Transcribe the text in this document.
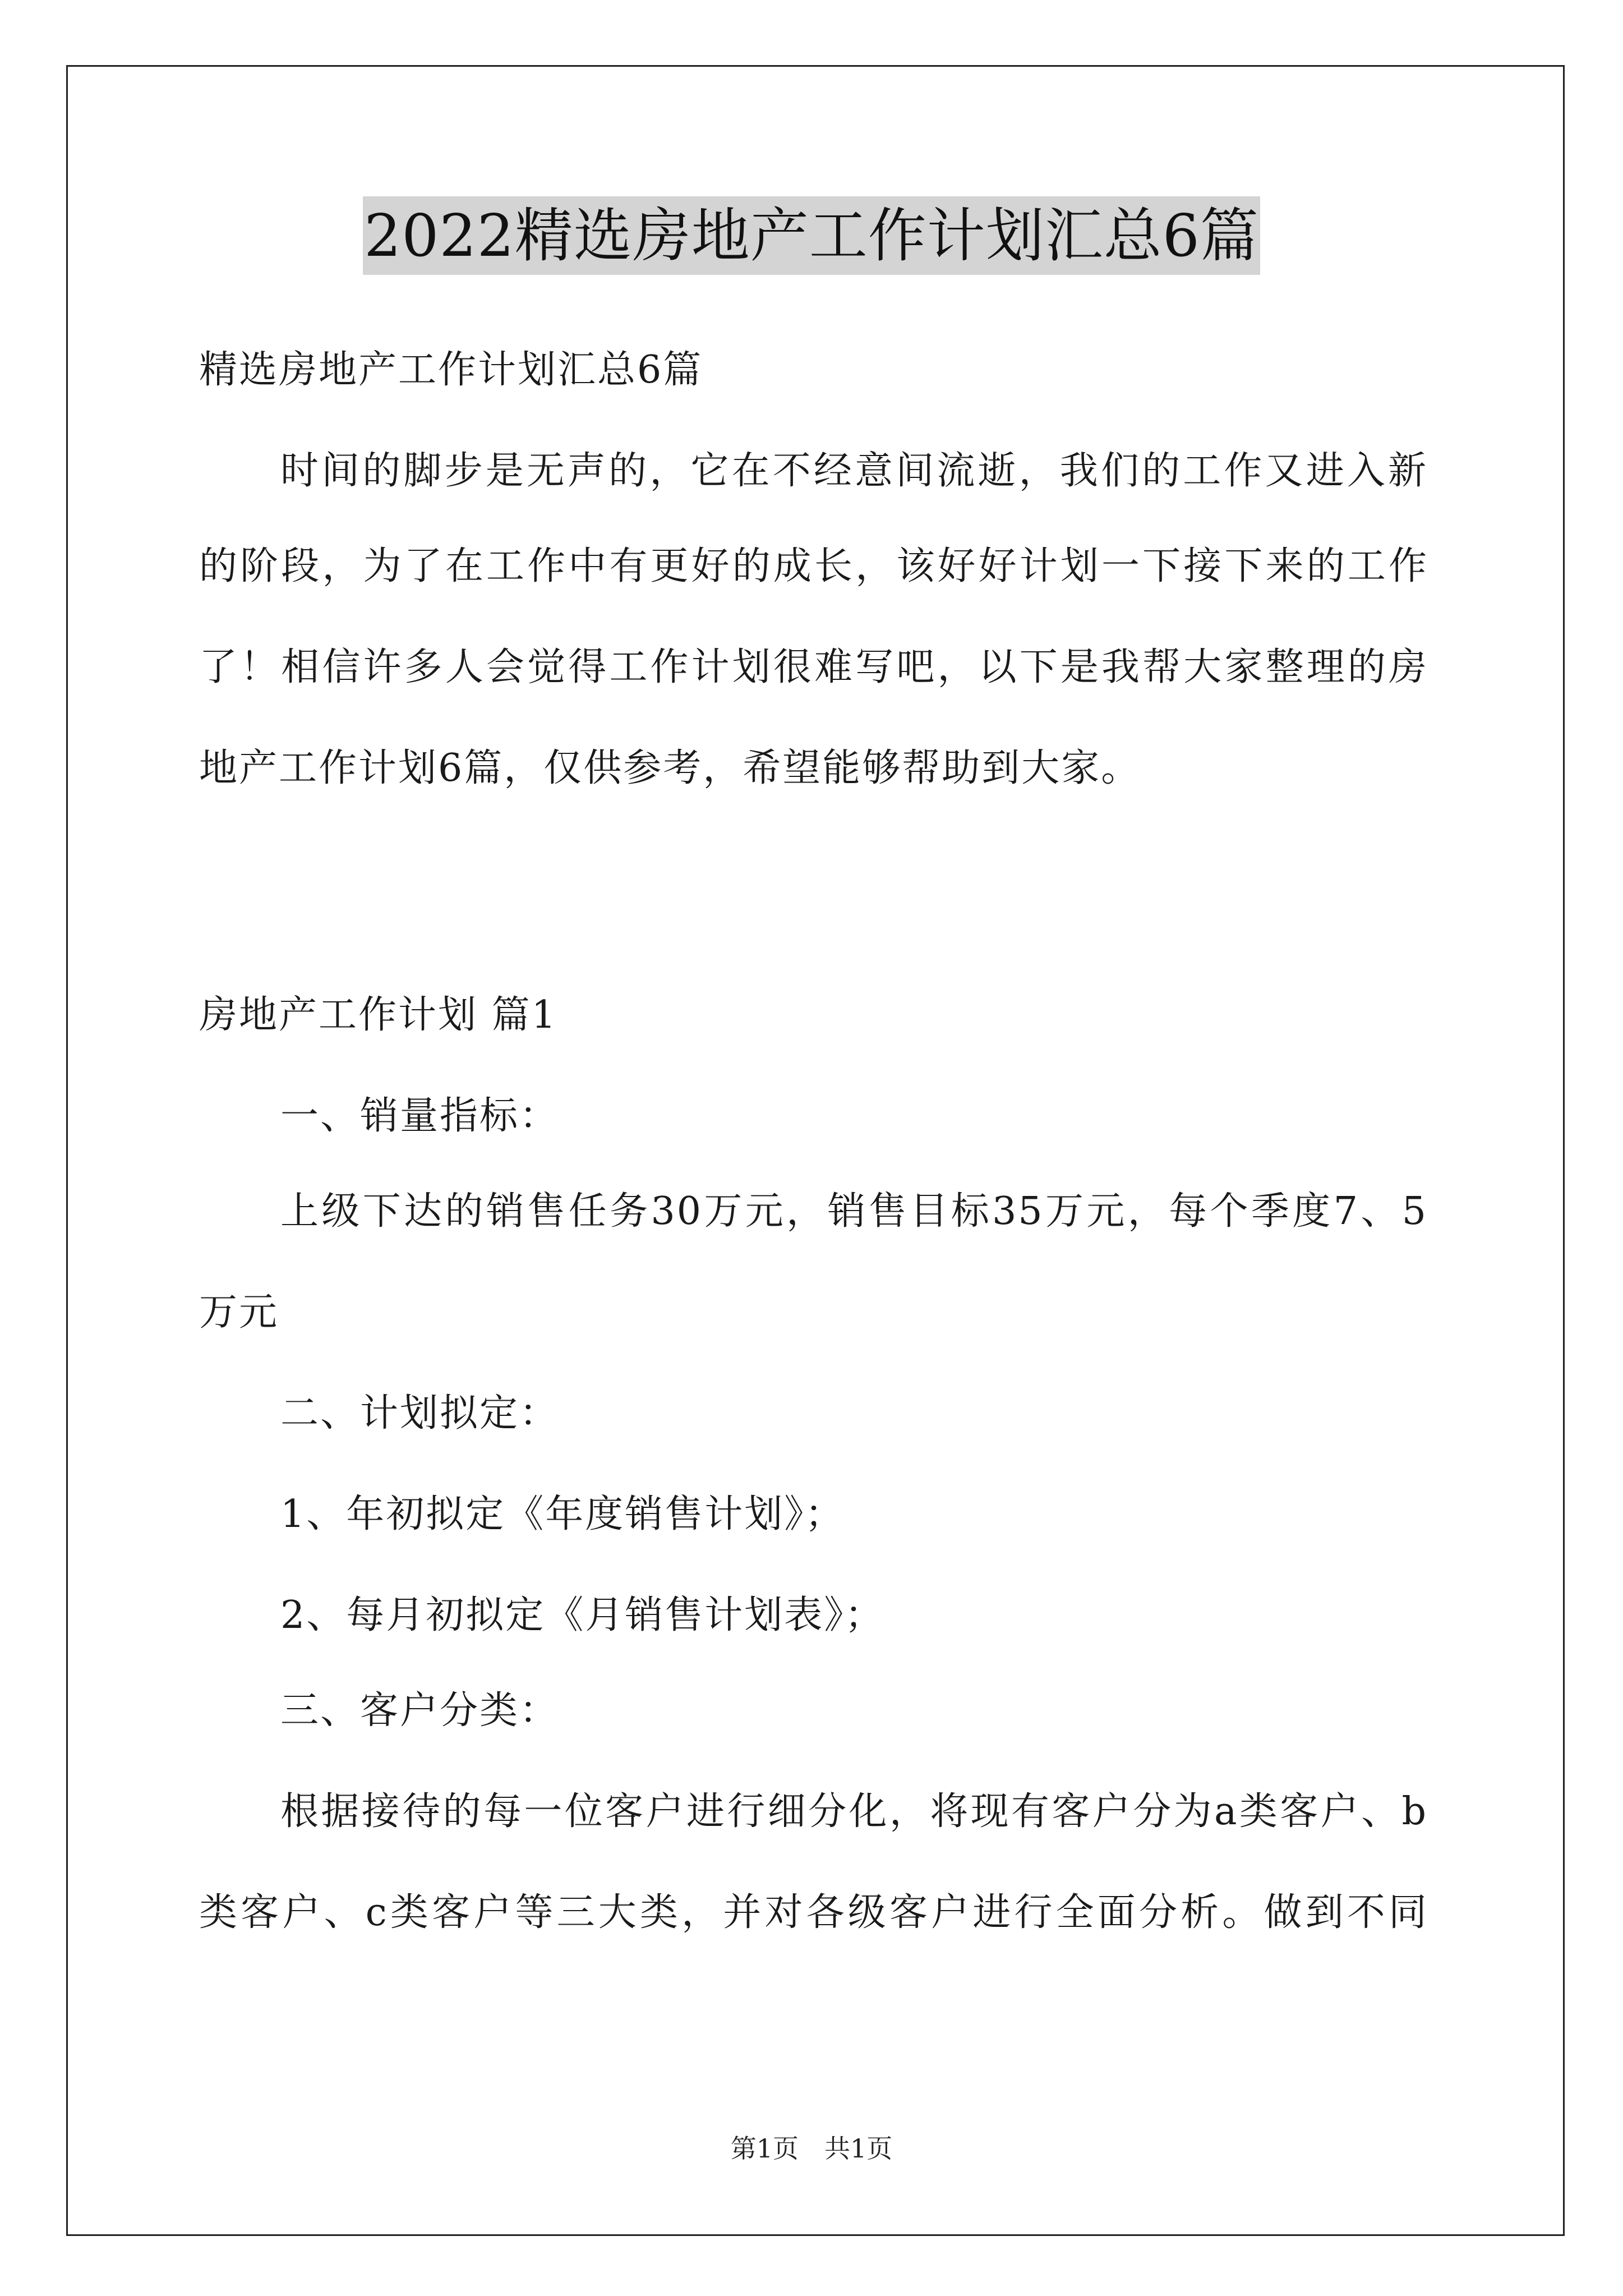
2022精选房地产工作计划汇总6篇
精选房地产工作计划汇总6篇
时间的脚步是无声的，它在不经意间流逝，我们的工作又进入新
的阶段，为了在工作中有更好的成长，该好好计划一下接下来的工作
了！相信许多人会觉得工作计划很难写吧，以下是我帮大家整理的房
地产工作计划6篇，仅供参考，希望能够帮助到大家。
房地产工作计划 篇1
一、销量指标：
上级下达的销售任务30万元，销售目标35万元，每个季度7、5
万元
二、计划拟定：
1、年初拟定《年度销售计划》；
2、每月初拟定《月销售计划表》；
三、客户分类：
根据接待的每一位客户进行细分化，将现有客户分为a类客户、b
类客户、c类客户等三大类，并对各级客户进行全面分析。做到不同
第1页　共1页
